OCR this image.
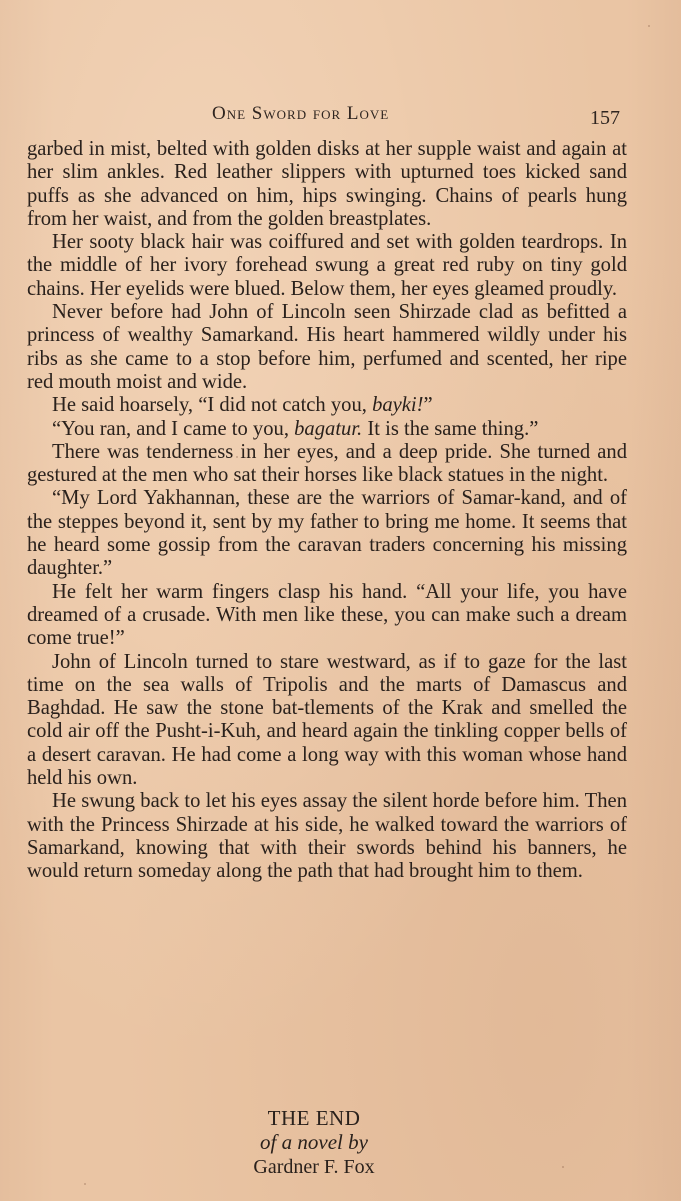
One Sword for Love	157

garbed in mist, belted with golden disks at her supple waist and again at her slim ankles. Red leather slippers with upturned toes kicked sand puffs as she advanced on him, hips swinging. Chains of pearls hung from her waist, and from the golden breastplates.

Her sooty black hair was coiffured and set with golden teardrops. In the middle of her ivory forehead swung a great red ruby on tiny gold chains. Her eyelids were blued. Below them, her eyes gleamed proudly.

Never before had John of Lincoln seen Shirzade clad as befitted a princess of wealthy Samarkand. His heart hammered wildly under his ribs as she came to a stop before him, perfumed and scented, her ripe red mouth moist and wide.

He said hoarsely, “I did not catch you, bayki!”

“You ran, and I came to you, bagatur. It is the same thing.”

There was tenderness in her eyes, and a deep pride. She turned and gestured at the men who sat their horses like black statues in the night.

“My Lord Yakhannan, these are the warriors of Samar-kand, and of the steppes beyond it, sent by my father to bring me home. It seems that he heard some gossip from the caravan traders concerning his missing daughter.”

He felt her warm fingers clasp his hand. “All your life, you have dreamed of a crusade. With men like these, you can make such a dream come true!”

John of Lincoln turned to stare westward, as if to gaze for the last time on the sea walls of Tripolis and the marts of Damascus and Baghdad. He saw the stone bat-tlements of the Krak and smelled the cold air off the Pusht-i-Kuh, and heard again the tinkling copper bells of a desert caravan. He had come a long way with this woman whose hand held his own.

He swung back to let his eyes assay the silent horde before him. Then with the Princess Shirzade at his side, he walked toward the warriors of Samarkand, knowing that with their swords behind his banners, he would return someday along the path that had brought him to them.

THE END
of a novel by
Gardner F. Fox
